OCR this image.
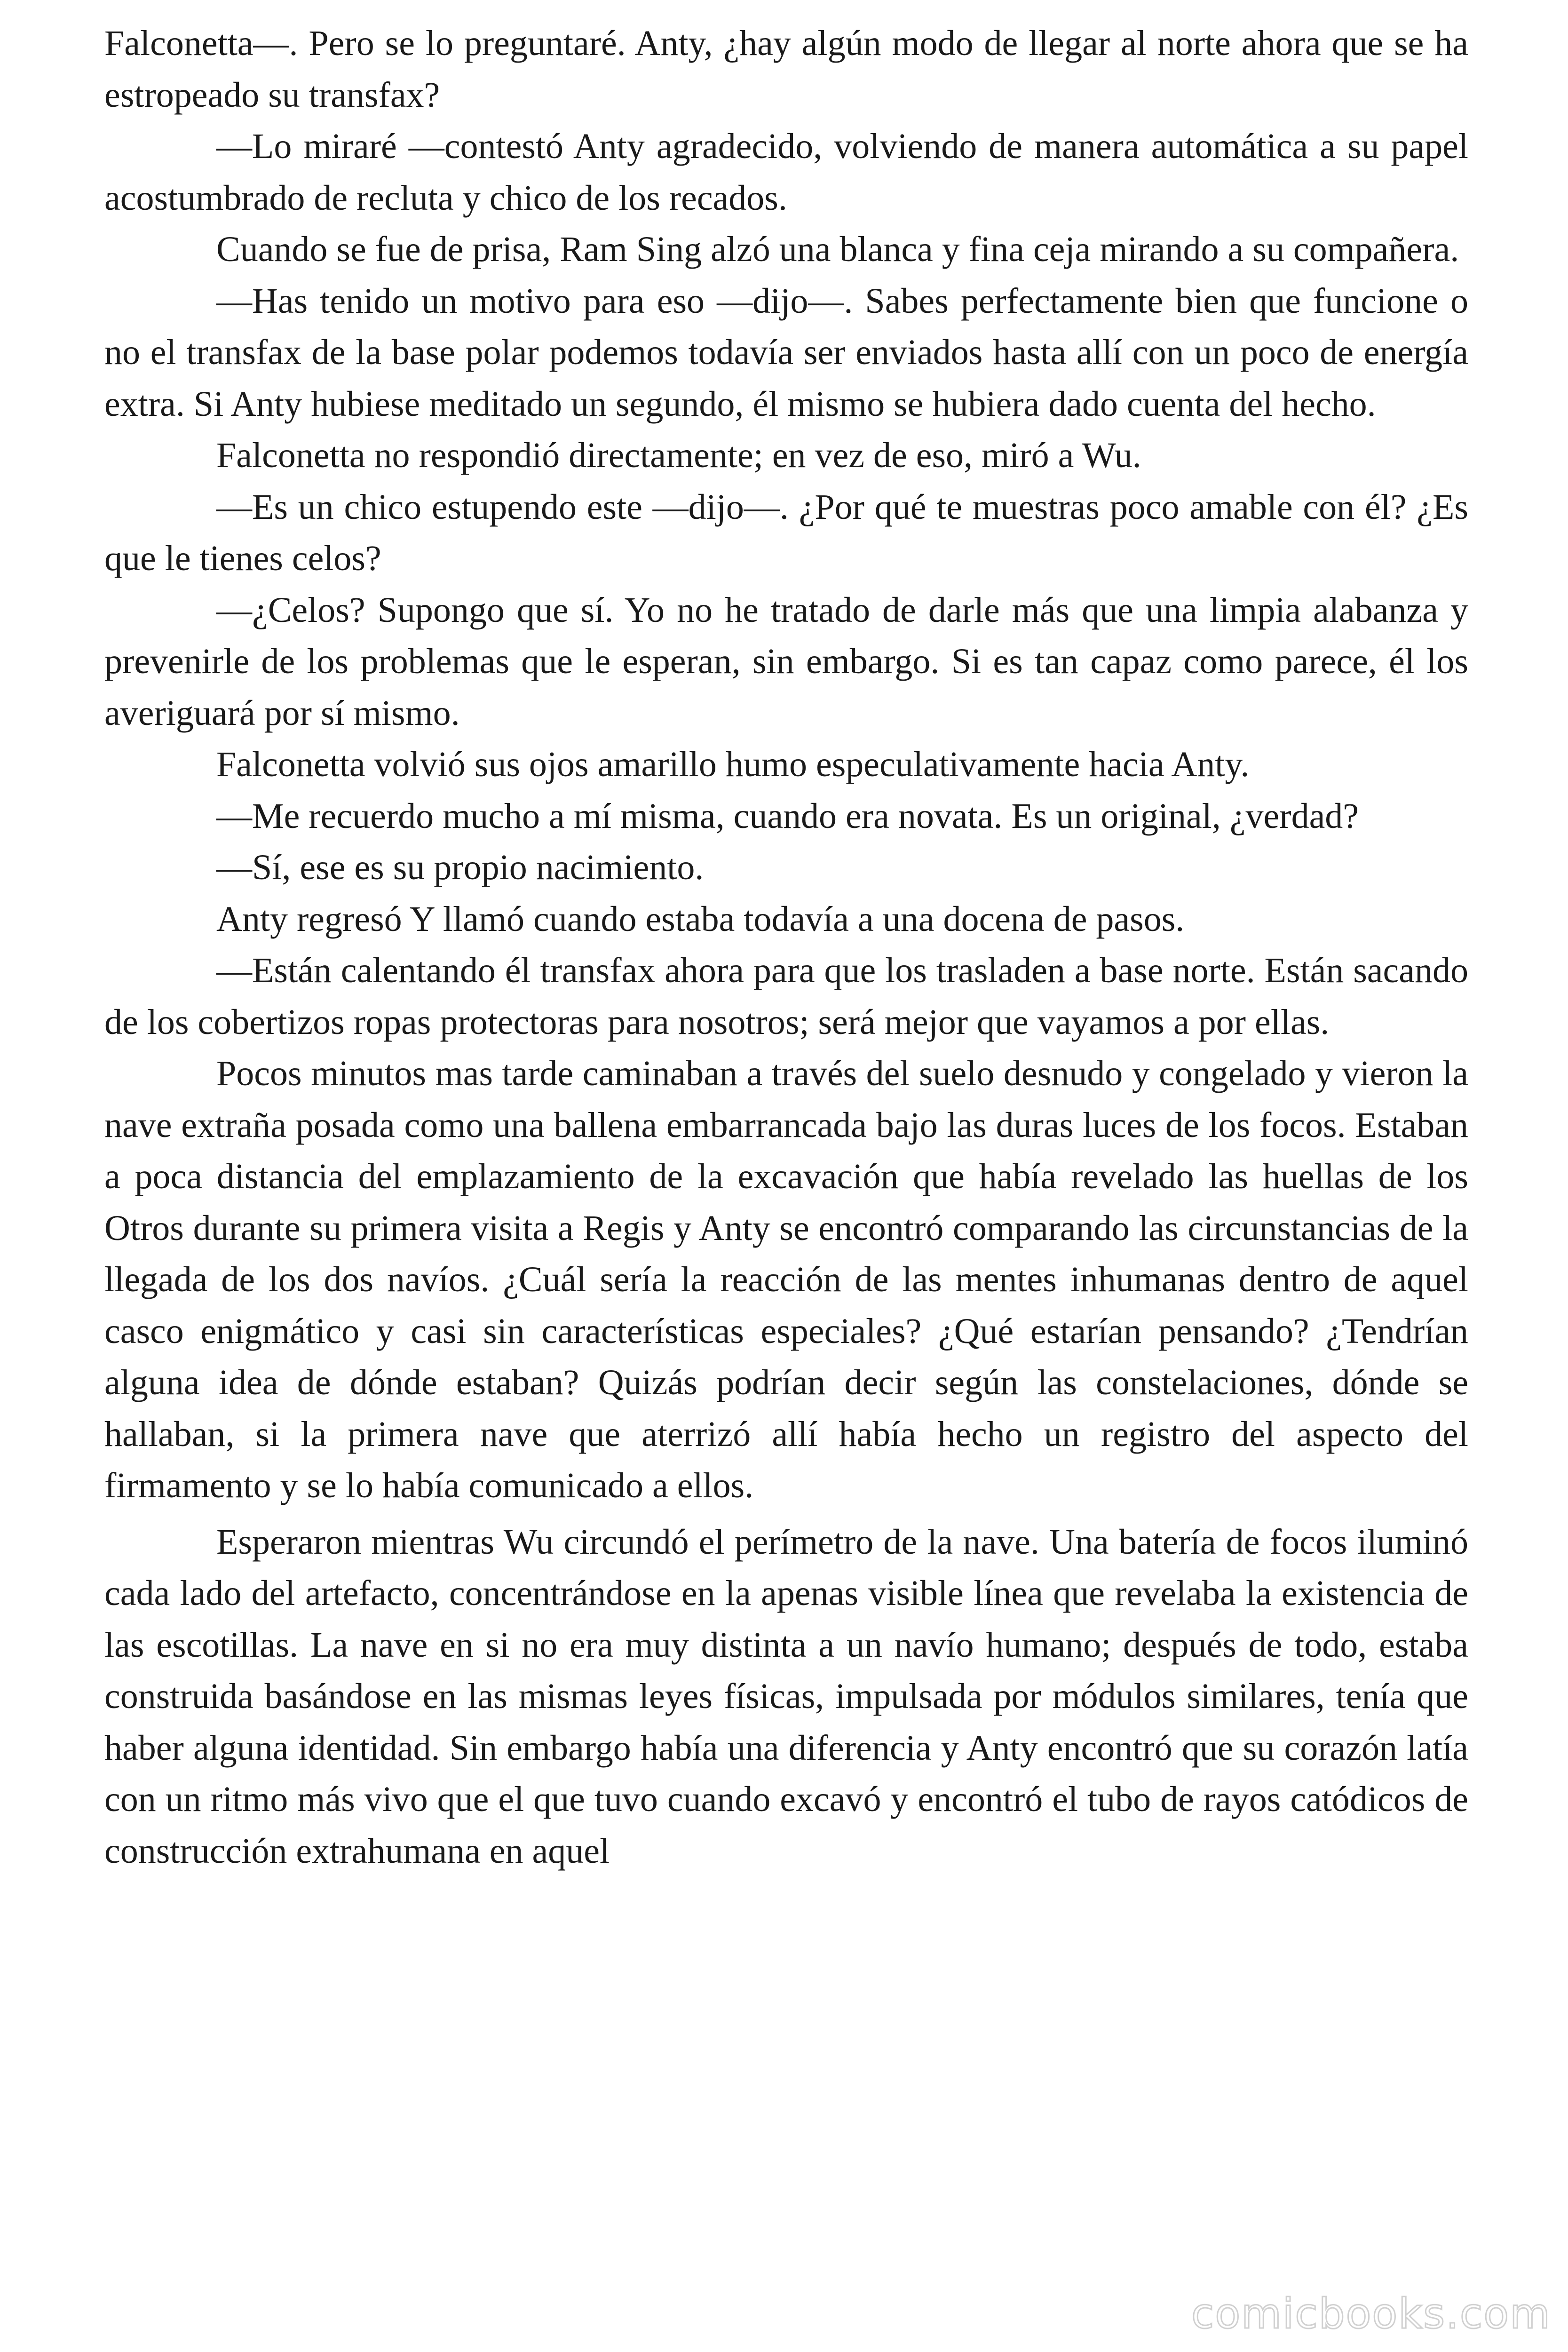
Falconetta—. Pero se lo preguntaré. Anty, ¿hay algún modo de llegar al norte ahora que se ha estropeado su transfax?

—Lo miraré —contestó Anty agradecido, volviendo de manera automática a su papel acostumbrado de recluta y chico de los recados.

Cuando se fue de prisa, Ram Sing alzó una blanca y fina ceja mirando a su compañera.

—Has tenido un motivo para eso —dijo—. Sabes perfectamente bien que funcione o no el transfax de la base polar podemos todavía ser enviados hasta allí con un poco de energía extra. Si Anty hubiese meditado un segundo, él mismo se hubiera dado cuenta del hecho.

Falconetta no respondió directamente; en vez de eso, miró a Wu.

—Es un chico estupendo este —dijo—. ¿Por qué te muestras poco amable con él? ¿Es que le tienes celos?

—¿Celos? Supongo que sí. Yo no he tratado de darle más que una limpia alabanza y prevenirle de los problemas que le esperan, sin embargo. Si es tan capaz como parece, él los averiguará por sí mismo.

Falconetta volvió sus ojos amarillo humo especulativamente hacia Anty.

—Me recuerdo mucho a mí misma, cuando era novata. Es un original, ¿verdad?

—Sí, ese es su propio nacimiento.

Anty regresó Y llamó cuando estaba todavía a una docena de pasos.

—Están calentando él transfax ahora para que los trasladen a base norte. Están sacando de los cobertizos ropas protectoras para nosotros; será mejor que vayamos a por ellas.

Pocos minutos mas tarde caminaban a través del suelo desnudo y congelado y vieron la nave extraña posada como una ballena embarrancada bajo las duras luces de los focos. Estaban a poca distancia del emplazamiento de la excavación que había revelado las huellas de los Otros durante su primera visita a Regis y Anty se encontró comparando las circunstancias de la llegada de los dos navíos. ¿Cuál sería la reacción de las mentes inhumanas dentro de aquel casco enigmático y casi sin características especiales? ¿Qué estarían pensando? ¿Tendrían alguna idea de dónde estaban? Quizás podrían decir según las constelaciones, dónde se hallaban, si la primera nave que aterrizó allí había hecho un registro del aspecto del firmamento y se lo había comunicado a ellos.

Esperaron mientras Wu circundó el perímetro de la nave. Una batería de focos iluminó cada lado del artefacto, concentrándose en la apenas visible línea que revelaba la existencia de las escotillas. La nave en si no era muy distinta a un navío humano; después de todo, estaba construida basándose en las mismas leyes físicas, impulsada por módulos similares, tenía que haber alguna identidad. Sin embargo había una diferencia y Anty encontró que su corazón latía con un ritmo más vivo que el que tuvo cuando excavó y encontró el tubo de rayos catódicos de construcción extrahumana en aquel

comicbooks.com
